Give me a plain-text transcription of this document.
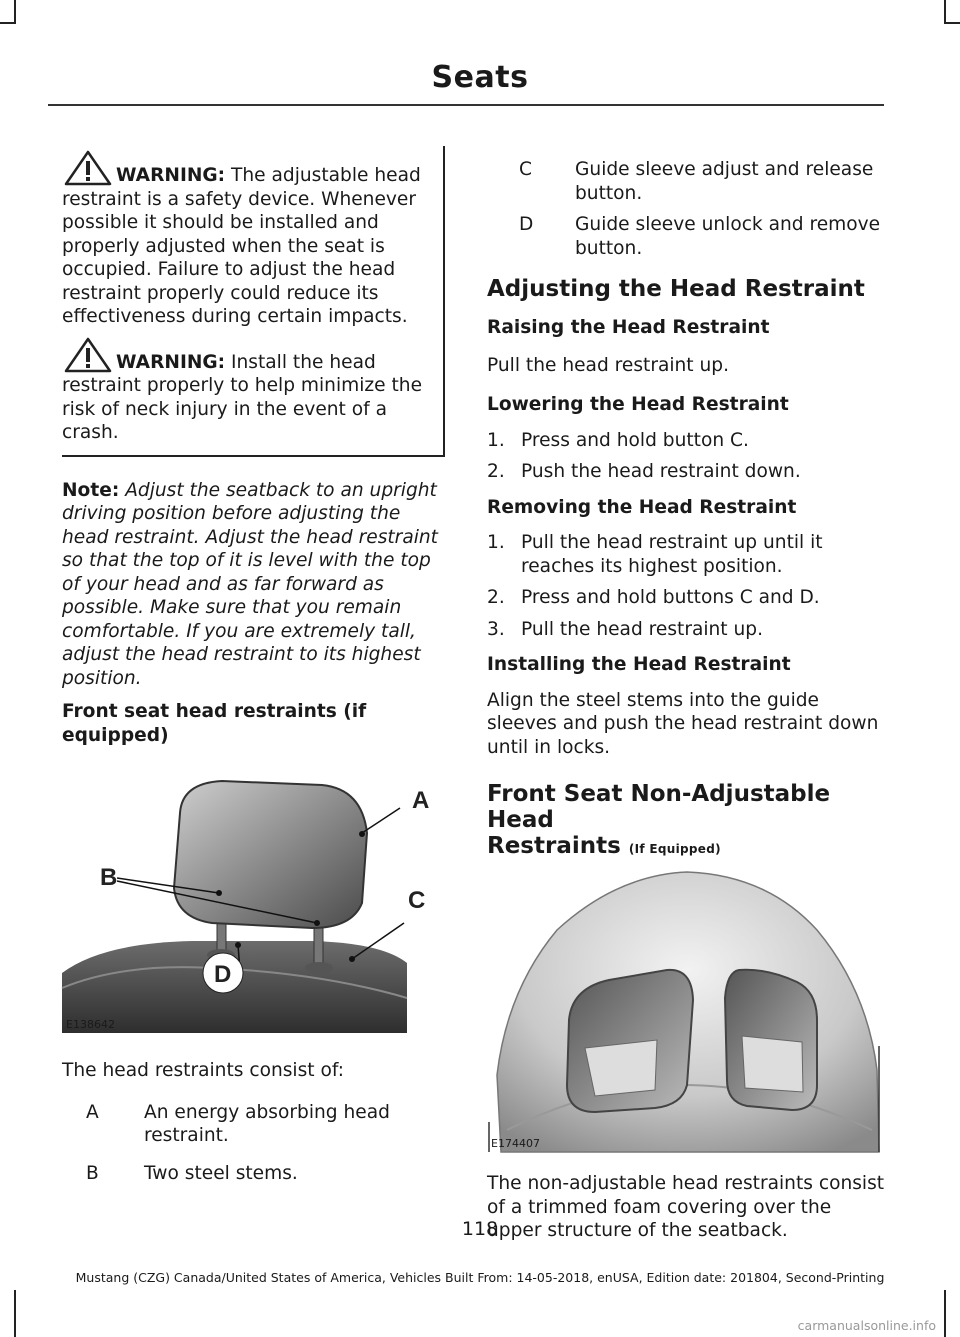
Seats

WARNING: The adjustable head restraint is a safety device. Whenever possible it should be installed and properly adjusted when the seat is occupied. Failure to adjust the head restraint properly could reduce its effectiveness during certain impacts.

WARNING: Install the head restraint properly to help minimize the risk of neck injury in the event of a crash.

Note: Adjust the seatback to an upright driving position before adjusting the head restraint. Adjust the head restraint so that the top of it is level with the top of your head and as far forward as possible. Make sure that you remain comfortable. If you are extremely tall, adjust the head restraint to its highest position.

Front seat head restraints (if equipped)
A
B
C
D
E138642

The head restraints consist of:

A	An energy absorbing head restraint.
B	Two steel stems.
C	Guide sleeve adjust and release button.
D	Guide sleeve unlock and remove button.
Adjusting the Head Restraint
Raising the Head Restraint

Pull the head restraint up.

Lowering the Head Restraint
1. Press and hold button C.
2. Push the head restraint down.
Removing the Head Restraint
1. Pull the head restraint up until it reaches its highest position.
2. Press and hold buttons C and D.
3. Pull the head restraint up.
Installing the Head Restraint

Align the steel stems into the guide sleeves and push the head restraint down until in locks.

Front Seat Non-Adjustable Head
Restraints (If Equipped)
E174407

The non-adjustable head restraints consist of a trimmed foam covering over the upper structure of the seatback.

118
Mustang (CZG) Canada/United States of America, Vehicles Built From: 14-05-2018, enUSA, Edition date: 201804, Second-Printing
carmanualsonline.info
